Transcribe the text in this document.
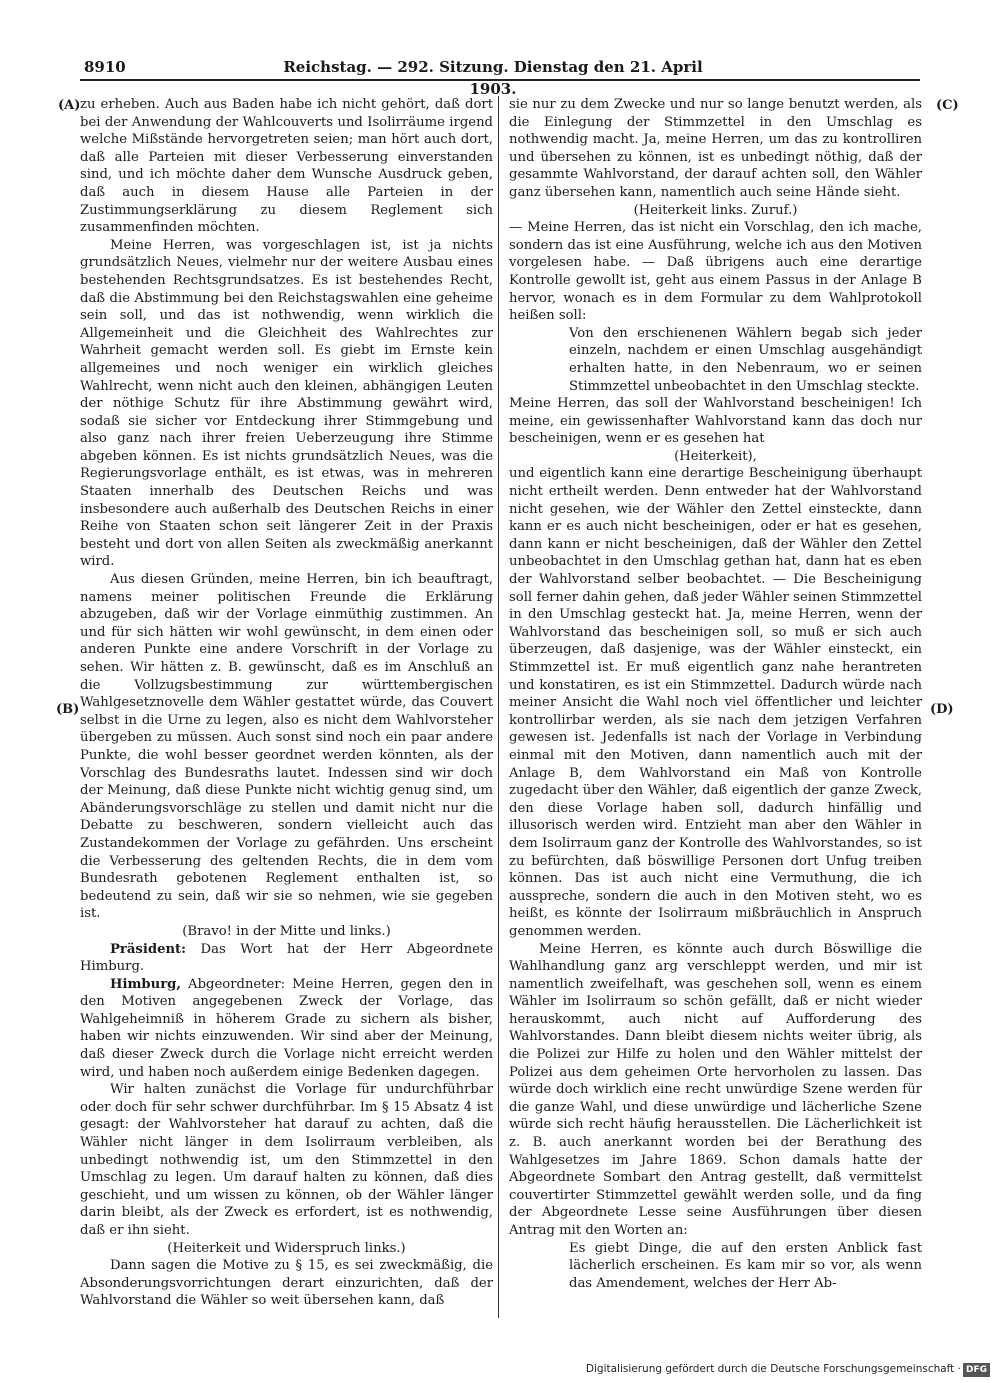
8910	Reichstag. — 292. Sitzung. Dienstag den 21. April 1903.
(A)
(B)
(C)
(D)

zu erheben. Auch aus Baden habe ich nicht gehört, daß dort bei der Anwendung der Wahlcouverts und Isolirräume irgend welche Mißstände hervorgetreten seien; man hört auch dort, daß alle Parteien mit dieser Verbesserung einverstanden sind, und ich möchte daher dem Wunsche Ausdruck geben, daß auch in diesem Hause alle Parteien in der Zustimmungserklärung zu diesem Reglement sich zusammenfinden möchten.

Meine Herren, was vorgeschlagen ist, ist ja nichts grundsätzlich Neues, vielmehr nur der weitere Ausbau eines bestehenden Rechtsgrundsatzes. Es ist bestehendes Recht, daß die Abstimmung bei den Reichstagswahlen eine geheime sein soll, und das ist nothwendig, wenn wirklich die Allgemeinheit und die Gleichheit des Wahlrechtes zur Wahrheit gemacht werden soll. Es giebt im Ernste kein allgemeines und noch weniger ein wirklich gleiches Wahlrecht, wenn nicht auch den kleinen, abhängigen Leuten der nöthige Schutz für ihre Abstimmung gewährt wird, sodaß sie sicher vor Entdeckung ihrer Stimmgebung und also ganz nach ihrer freien Ueberzeugung ihre Stimme abgeben können. Es ist nichts grundsätzlich Neues, was die Regierungsvorlage enthält, es ist etwas, was in mehreren Staaten innerhalb des Deutschen Reichs und was insbesondere auch außerhalb des Deutschen Reichs in einer Reihe von Staaten schon seit längerer Zeit in der Praxis besteht und dort von allen Seiten als zweckmäßig anerkannt wird.

Aus diesen Gründen, meine Herren, bin ich beauftragt, namens meiner politischen Freunde die Erklärung abzugeben, daß wir der Vorlage einmüthig zustimmen. An und für sich hätten wir wohl gewünscht, in dem einen oder anderen Punkte eine andere Vorschrift in der Vorlage zu sehen. Wir hätten z. B. gewünscht, daß es im Anschluß an die Vollzugsbestimmung zur württembergischen Wahlgesetznovelle dem Wähler gestattet würde, das Couvert selbst in die Urne zu legen, also es nicht dem Wahlvorsteher übergeben zu müssen. Auch sonst sind noch ein paar andere Punkte, die wohl besser geordnet werden könnten, als der Vorschlag des Bundesraths lautet. Indessen sind wir doch der Meinung, daß diese Punkte nicht wichtig genug sind, um Abänderungsvorschläge zu stellen und damit nicht nur die Debatte zu beschweren, sondern vielleicht auch das Zustandekommen der Vorlage zu gefährden. Uns erscheint die Verbesserung des geltenden Rechts, die in dem vom Bundesrath gebotenen Reglement enthalten ist, so bedeutend zu sein, daß wir sie so nehmen, wie sie gegeben ist.

(Bravo! in der Mitte und links.)

Präsident: Das Wort hat der Herr Abgeordnete Himburg.

Himburg, Abgeordneter: Meine Herren, gegen den in den Motiven angegebenen Zweck der Vorlage, das Wahlgeheimniß in höherem Grade zu sichern als bisher, haben wir nichts einzuwenden. Wir sind aber der Meinung, daß dieser Zweck durch die Vorlage nicht erreicht werden wird, und haben noch außerdem einige Bedenken dagegen.

Wir halten zunächst die Vorlage für undurchführbar oder doch für sehr schwer durchführbar. Im § 15 Absatz 4 ist gesagt: der Wahlvorsteher hat darauf zu achten, daß die Wähler nicht länger in dem Isolirraum verbleiben, als unbedingt nothwendig ist, um den Stimmzettel in den Umschlag zu legen. Um darauf halten zu können, daß dies geschieht, und um wissen zu können, ob der Wähler länger darin bleibt, als der Zweck es erfordert, ist es nothwendig, daß er ihn sieht.

(Heiterkeit und Widerspruch links.)

Dann sagen die Motive zu § 15, es sei zweckmäßig, die Absonderungsvorrichtungen derart einzurichten, daß der Wahlvorstand die Wähler so weit übersehen kann, daß

sie nur zu dem Zwecke und nur so lange benutzt werden, als die Einlegung der Stimmzettel in den Umschlag es nothwendig macht. Ja, meine Herren, um das zu kontrolliren und übersehen zu können, ist es unbedingt nöthig, daß der gesammte Wahlvorstand, der darauf achten soll, den Wähler ganz übersehen kann, namentlich auch seine Hände sieht.

(Heiterkeit links. Zuruf.)

— Meine Herren, das ist nicht ein Vorschlag, den ich mache, sondern das ist eine Ausführung, welche ich aus den Motiven vorgelesen habe. — Daß übrigens auch eine derartige Kontrolle gewollt ist, geht aus einem Passus in der Anlage B hervor, wonach es in dem Formular zu dem Wahlprotokoll heißen soll:

Von den erschienenen Wählern begab sich jeder einzeln, nachdem er einen Umschlag ausgehändigt erhalten hatte, in den Nebenraum, wo er seinen Stimmzettel unbeobachtet in den Umschlag steckte.

Meine Herren, das soll der Wahlvorstand bescheinigen! Ich meine, ein gewissenhafter Wahlvorstand kann das doch nur bescheinigen, wenn er es gesehen hat

(Heiterkeit),

und eigentlich kann eine derartige Bescheinigung überhaupt nicht ertheilt werden. Denn entweder hat der Wahlvorstand nicht gesehen, wie der Wähler den Zettel einsteckte, dann kann er es auch nicht bescheinigen, oder er hat es gesehen, dann kann er nicht bescheinigen, daß der Wähler den Zettel unbeobachtet in den Umschlag gethan hat, dann hat es eben der Wahlvorstand selber beobachtet. — Die Bescheinigung soll ferner dahin gehen, daß jeder Wähler seinen Stimmzettel in den Umschlag gesteckt hat. Ja, meine Herren, wenn der Wahlvorstand das bescheinigen soll, so muß er sich auch überzeugen, daß dasjenige, was der Wähler einsteckt, ein Stimmzettel ist. Er muß eigentlich ganz nahe herantreten und konstatiren, es ist ein Stimmzettel. Dadurch würde nach meiner Ansicht die Wahl noch viel öffentlicher und leichter kontrollirbar werden, als sie nach dem jetzigen Verfahren gewesen ist. Jedenfalls ist nach der Vorlage in Verbindung einmal mit den Motiven, dann namentlich auch mit der Anlage B, dem Wahlvorstand ein Maß von Kontrolle zugedacht über den Wähler, daß eigentlich der ganze Zweck, den diese Vorlage haben soll, dadurch hinfällig und illusorisch werden wird. Entzieht man aber den Wähler in dem Isolirraum ganz der Kontrolle des Wahlvorstandes, so ist zu befürchten, daß böswillige Personen dort Unfug treiben können. Das ist auch nicht eine Vermuthung, die ich ausspreche, sondern die auch in den Motiven steht, wo es heißt, es könnte der Isolirraum mißbräuchlich in Anspruch genommen werden.

Meine Herren, es könnte auch durch Böswillige die Wahlhandlung ganz arg verschleppt werden, und mir ist namentlich zweifelhaft, was geschehen soll, wenn es einem Wähler im Isolirraum so schön gefällt, daß er nicht wieder herauskommt, auch nicht auf Aufforderung des Wahlvorstandes. Dann bleibt diesem nichts weiter übrig, als die Polizei zur Hilfe zu holen und den Wähler mittelst der Polizei aus dem geheimen Orte hervorholen zu lassen. Das würde doch wirklich eine recht unwürdige Szene werden für die ganze Wahl, und diese unwürdige und lächerliche Szene würde sich recht häufig herausstellen. Die Lächerlichkeit ist z. B. auch anerkannt worden bei der Berathung des Wahlgesetzes im Jahre 1869. Schon damals hatte der Abgeordnete Sombart den Antrag gestellt, daß vermittelst couvertirter Stimmzettel gewählt werden solle, und da fing der Abgeordnete Lesse seine Ausführungen über diesen Antrag mit den Worten an:

Es giebt Dinge, die auf den ersten Anblick fast lächerlich erscheinen. Es kam mir so vor, als wenn das Amendement, welches der Herr Ab-

Digitalisierung gefördert durch die Deutsche Forschungsgemeinschaft · DFG
